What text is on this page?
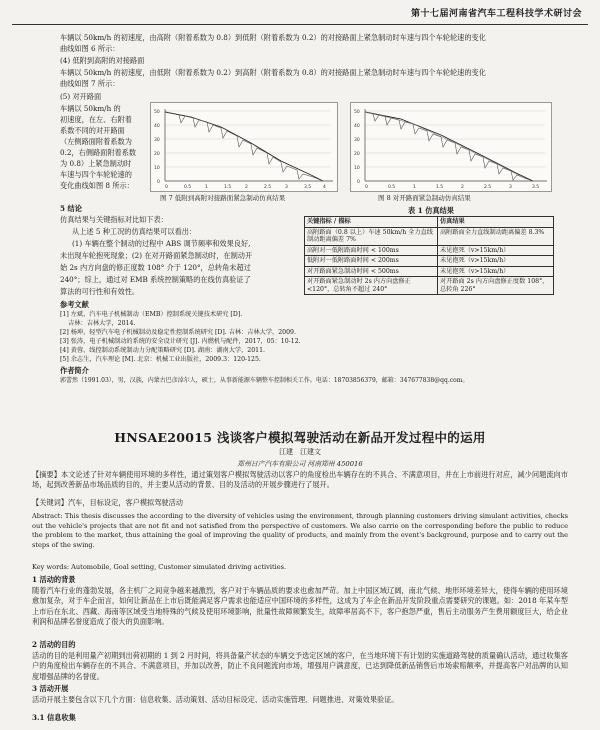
第十七届河南省汽车工程科技学术研讨会
车辆以 50km/h 的初速度，由高附（附着系数为 0.8）到低附（附着系数为 0.2）的对接路面上紧急制动时车速与四个车轮轮速的变化
曲线如图 6 所示：
(4) 低附到高附的对接路面
车辆以 50km/h 的初速度，由低附（附着系数为 0.2）到高附（附着系数为 0.8）的对接路面上紧急制动时车速与四个车轮轮速的变化
曲线如图 7 所示：
(5) 对开路面
车辆以 50km/h 的
初速度，在左、右附着
系数不同的对开路面
（左侧路面附着系数为
0.2，右侧路面附着系数
为 0.8）上紧急制动时
车速与四个车轮轮速的
变化曲线如图 8 所示：
50
40
30
20
10
0
0	0.5	1	1.5	2	2.5	3	3.5	4
图 7 低附到高附对接路面紧急制动仿真结果
50
40
30
20
10
0
0	0.5	1	1.5	2	2.5	3	3.5
图 8 对开路面紧急制动仿真结果
5 结论
仿真结果与关键指标对比如下表：
从上述 5 种工况的仿真结果可以看出：
(1) 车辆在整个制动的过程中 ABS 调节频率和效果良好,
未出现车轮抱死现象；(2) 在对开路面紧急制动时，在制动开
始 2s 内方向盘的修正度数 108° 介于 120°，总转角未超过
240°；综上，通过对 EMB 系统控制策略的在线仿真验证了
算法的可行性和有效性。
表 1 仿真结果
关键指标 / 描标	仿真结果
高附路面（0.8 以上）车速 50km/h 全力直线制动距离偏差 7%	高附路面全力直线制动距离偏差 8.3%
高附对一低附路面时间 < 100ms	未见抱死（v>15km/h）
低附对一低附路面时间 < 200ms	未见抱死（v>15km/h）
对开路面紧急制动时间 < 500ms	未见抱死（v>15km/h）
对开路面紧急制动时 2s 内方向盘修正 <120°，总转角不超过 240°	对开路面 2s 内方向盘修正度数 108°，总转角 226°
参考文献
[1] 左斌，汽车电子机械制动（EMB）控制系统关键技术研究 [D].
　 吉林：吉林大学，2014.
[2] 杨坤，轻型汽车电子机械制动及稳定性控制系统研究 [D]. 吉林：吉林大学，2009.
[3] 张涛，电子机械制动的系统的安全设计研究 [J]. 内燃机与配件，2017，05：10-12.
[4] 黄蓉，线控制动系统制动力分配策略研究 [D]. 湖南：湖南大学，2011.
[5] 余志生，汽车理论 [M]. 北京：机械工业出版社，2009.3：120-125.
作者简介
郭蕾然（1991.03），男，汉族，内蒙古巴彦淖尔人，硕士，从事新能源车辆整车控制相关工作。电话：18703856379，邮箱：347677838@qq.com。
HNSAE20015 浅谈客户模拟驾驶活动在新品开发过程中的运用
江建　江建文
郑州日产汽车有限公司 河南郑州 450016
【摘要】本文论述了针对车辆使用环境的多样性，通过策划客户模拟驾驶活动以客户的角度检出车辆存在的不具合、不满意项目，并在上市前进行对应，减少问题流向市场，起到改善新品市场品质的目的，并主要从活动的背景、目的及活动的开展步骤进行了展开。
【关键词】汽车，目标设定，客户模拟驾驶活动
Abstract: This thesis discusses the according to the diversity of vehicles using the environment, through planning customers driving simulant activities, checks out the vehicle's projects that are not fit and not satisfied from the perspective of customers. We also carrie on the corresponding before the public to reduce the problem to the market, thus attaining the goal of improving the quality of products, and mainly from the event's background, purpose and to carry out the steps of the swing.
Key words: Automobile, Goal setting, Customer simulated driving activities.
1 活动的背景
随着汽车行业的蓬勃发展，各主机厂之间竞争越来越激烈，客户对于车辆品质的要求也愈加严苛。加上中国区域辽阔，南北气候、地形环境差异大，使得车辆的使用环境愈加复杂，对于车企而言，如何让新品在上市后既能满足客户需求也能适应中国环境的多样性，这成为了车企在新品开发阶段重点需要研究的课题。如：2018 年某车型上市后在东北、西藏、海南等区域受当地特殊的气候及使用环境影响，批量性故障频繁发生，故障率居高不下，客户抱怨严重，售后主动服务产生费用额度巨大，给企业利润和品牌名誉度造成了很大的负面影响。
2 活动的目的
活动的目的是利用量产初期到出荷初期的 1 到 2 月时间，将具备量产状态的车辆交予选定区域的客户，在当地环境下有计划的实施道路驾驶的质量确认活动，通过收集客户的角度检出车辆存在的不具合、不满意项目，并加以改善，防止不良问题流向市场，增强用户满意度，已达到降低新品销售后市场索赔额率，并提高客户对品牌的认知度增强品牌的名誉度。
3 活动开展
活动开展主要包含以下几个方面：信息收集、活动策划、活动目标设定、活动实施管理、问题推进、对策效果验证。
3.1 信息收集
